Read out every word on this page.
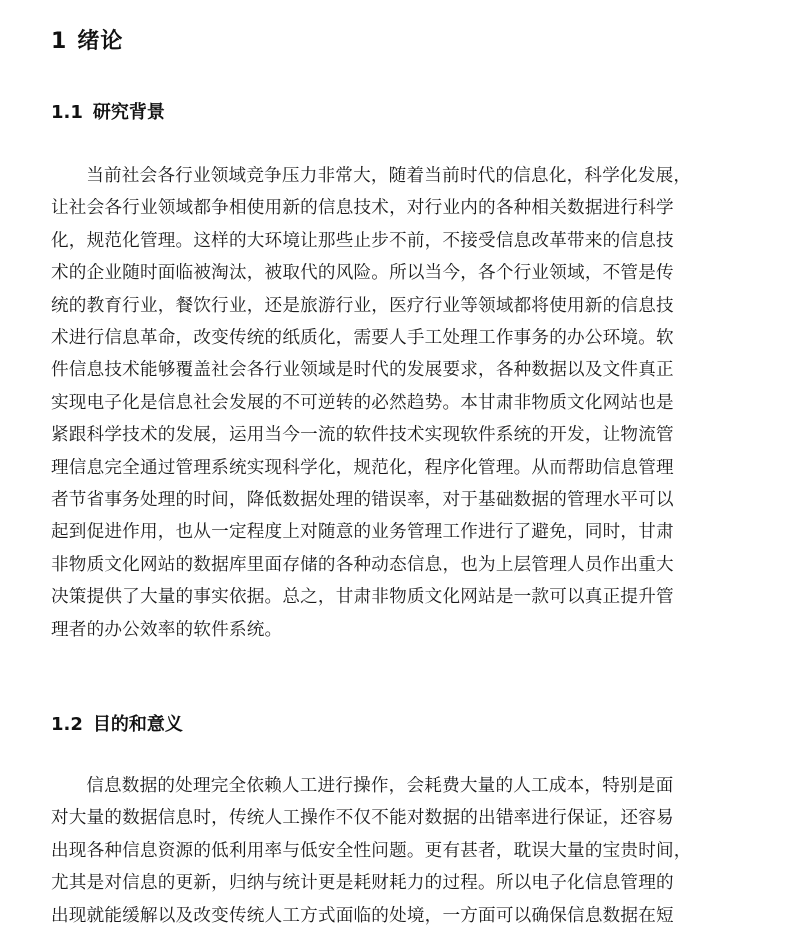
1 绪论
1.1 研究背景
当前社会各行业领域竞争压力非常大，随着当前时代的信息化，科学化发展，
让社会各行业领域都争相使用新的信息技术，对行业内的各种相关数据进行科学
化，规范化管理。这样的大环境让那些止步不前，不接受信息改革带来的信息技
术的企业随时面临被淘汰，被取代的风险。所以当今，各个行业领域，不管是传
统的教育行业，餐饮行业，还是旅游行业，医疗行业等领域都将使用新的信息技
术进行信息革命，改变传统的纸质化，需要人手工处理工作事务的办公环境。软
件信息技术能够覆盖社会各行业领域是时代的发展要求，各种数据以及文件真正
实现电子化是信息社会发展的不可逆转的必然趋势。本甘肃非物质文化网站也是
紧跟科学技术的发展，运用当今一流的软件技术实现软件系统的开发，让物流管
理信息完全通过管理系统实现科学化，规范化，程序化管理。从而帮助信息管理
者节省事务处理的时间，降低数据处理的错误率，对于基础数据的管理水平可以
起到促进作用，也从一定程度上对随意的业务管理工作进行了避免，同时，甘肃
非物质文化网站的数据库里面存储的各种动态信息，也为上层管理人员作出重大
决策提供了大量的事实依据。总之，甘肃非物质文化网站是一款可以真正提升管
理者的办公效率的软件系统。
1.2 目的和意义
信息数据的处理完全依赖人工进行操作，会耗费大量的人工成本，特别是面
对大量的数据信息时，传统人工操作不仅不能对数据的出错率进行保证，还容易
出现各种信息资源的低利用率与低安全性问题。更有甚者，耽误大量的宝贵时间，
尤其是对信息的更新，归纳与统计更是耗财耗力的过程。所以电子化信息管理的
出现就能缓解以及改变传统人工方式面临的处境，一方面可以确保信息数据在短
